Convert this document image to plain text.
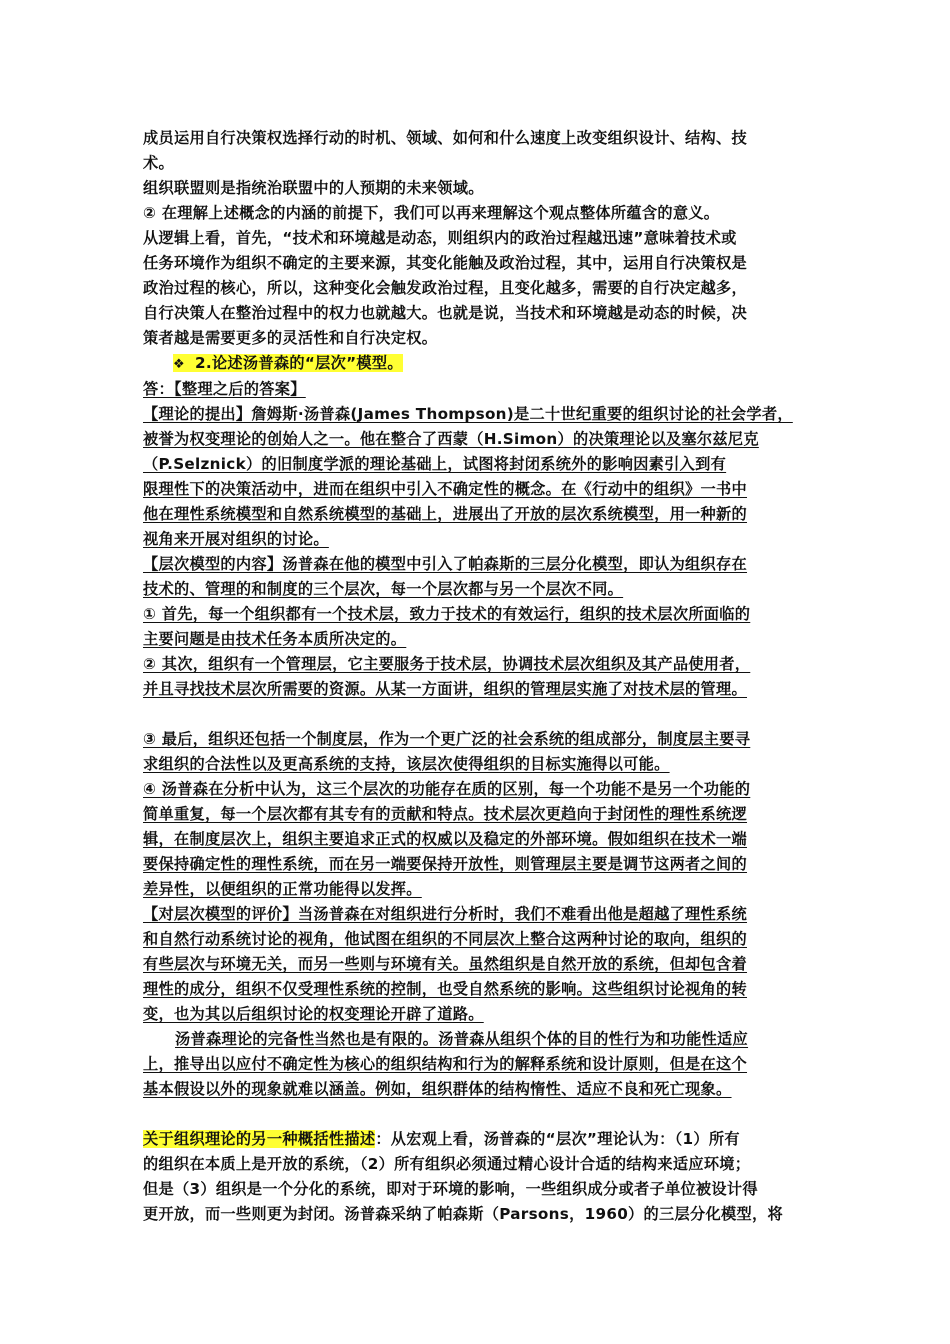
成员运用自行决策权选择行动的时机、领域、如何和什么速度上改变组织设计、结构、技
术。
组织联盟则是指统治联盟中的人预期的未来领域。
② 在理解上述概念的内涵的前提下，我们可以再来理解这个观点整体所蕴含的意义。
从逻辑上看，首先，“技术和环境越是动态，则组织内的政治过程越迅速”意味着技术或
任务环境作为组织不确定的主要来源，其变化能触及政治过程，其中，运用自行决策权是
政治过程的核心，所以，这种变化会触发政治过程，且变化越多，需要的自行决定越多，
自行决策人在整治过程中的权力也就越大。也就是说，当技术和环境越是动态的时候，决
策者越是需要更多的灵活性和自行决定权。
❖ 2.论述汤普森的“层次”模型。
答：【整理之后的答案】
【理论的提出】詹姆斯·汤普森(James Thompson)是二十世纪重要的组织讨论的社会学者，
被誉为权变理论的创始人之一。他在整合了西蒙（H.Simon）的决策理论以及塞尔兹尼克
（P.Selznick）的旧制度学派的理论基础上，试图将封闭系统外的影响因素引入到有
限理性下的决策活动中，进而在组织中引入不确定性的概念。在《行动中的组织》一书中
他在理性系统模型和自然系统模型的基础上，进展出了开放的层次系统模型，用一种新的
视角来开展对组织的讨论。
【层次模型的内容】汤普森在他的模型中引入了帕森斯的三层分化模型，即认为组织存在
技术的、管理的和制度的三个层次，每一个层次都与另一个层次不同。
① 首先，每一个组织都有一个技术层，致力于技术的有效运行，组织的技术层次所面临的
主要问题是由技术任务本质所决定的。
② 其次，组织有一个管理层，它主要服务于技术层，协调技术层次组织及其产品使用者，
并且寻找技术层次所需要的资源。从某一方面讲，组织的管理层实施了对技术层的管理。
③ 最后，组织还包括一个制度层，作为一个更广泛的社会系统的组成部分，制度层主要寻
求组织的合法性以及更高系统的支持，该层次使得组织的目标实施得以可能。
④ 汤普森在分析中认为，这三个层次的功能存在质的区别，每一个功能不是另一个功能的
简单重复，每一个层次都有其专有的贡献和特点。技术层次更趋向于封闭性的理性系统逻
辑，在制度层次上，组织主要追求正式的权威以及稳定的外部环境。假如组织在技术一端
要保持确定性的理性系统，而在另一端要保持开放性，则管理层主要是调节这两者之间的
差异性，以便组织的正常功能得以发挥。
【对层次模型的评价】当汤普森在对组织进行分析时，我们不难看出他是超越了理性系统
和自然行动系统讨论的视角，他试图在组织的不同层次上整合这两种讨论的取向，组织的
有些层次与环境无关，而另一些则与环境有关。虽然组织是自然开放的系统，但却包含着
理性的成分，组织不仅受理性系统的控制，也受自然系统的影响。这些组织讨论视角的转
变，也为其以后组织讨论的权变理论开辟了道路。
汤普森理论的完备性当然也是有限的。汤普森从组织个体的目的性行为和功能性适应
上，推导出以应付不确定性为核心的组织结构和行为的解释系统和设计原则，但是在这个
基本假设以外的现象就难以涵盖。例如，组织群体的结构惰性、适应不良和死亡现象。
关于组织理论的另一种概括性描述：从宏观上看，汤普森的“层次”理论认为：（1）所有
的组织在本质上是开放的系统，（2）所有组织必须通过精心设计合适的结构来适应环境；
但是（3）组织是一个分化的系统，即对于环境的影响，一些组织成分或者子单位被设计得
更开放，而一些则更为封闭。汤普森采纳了帕森斯（Parsons，1960）的三层分化模型，将
